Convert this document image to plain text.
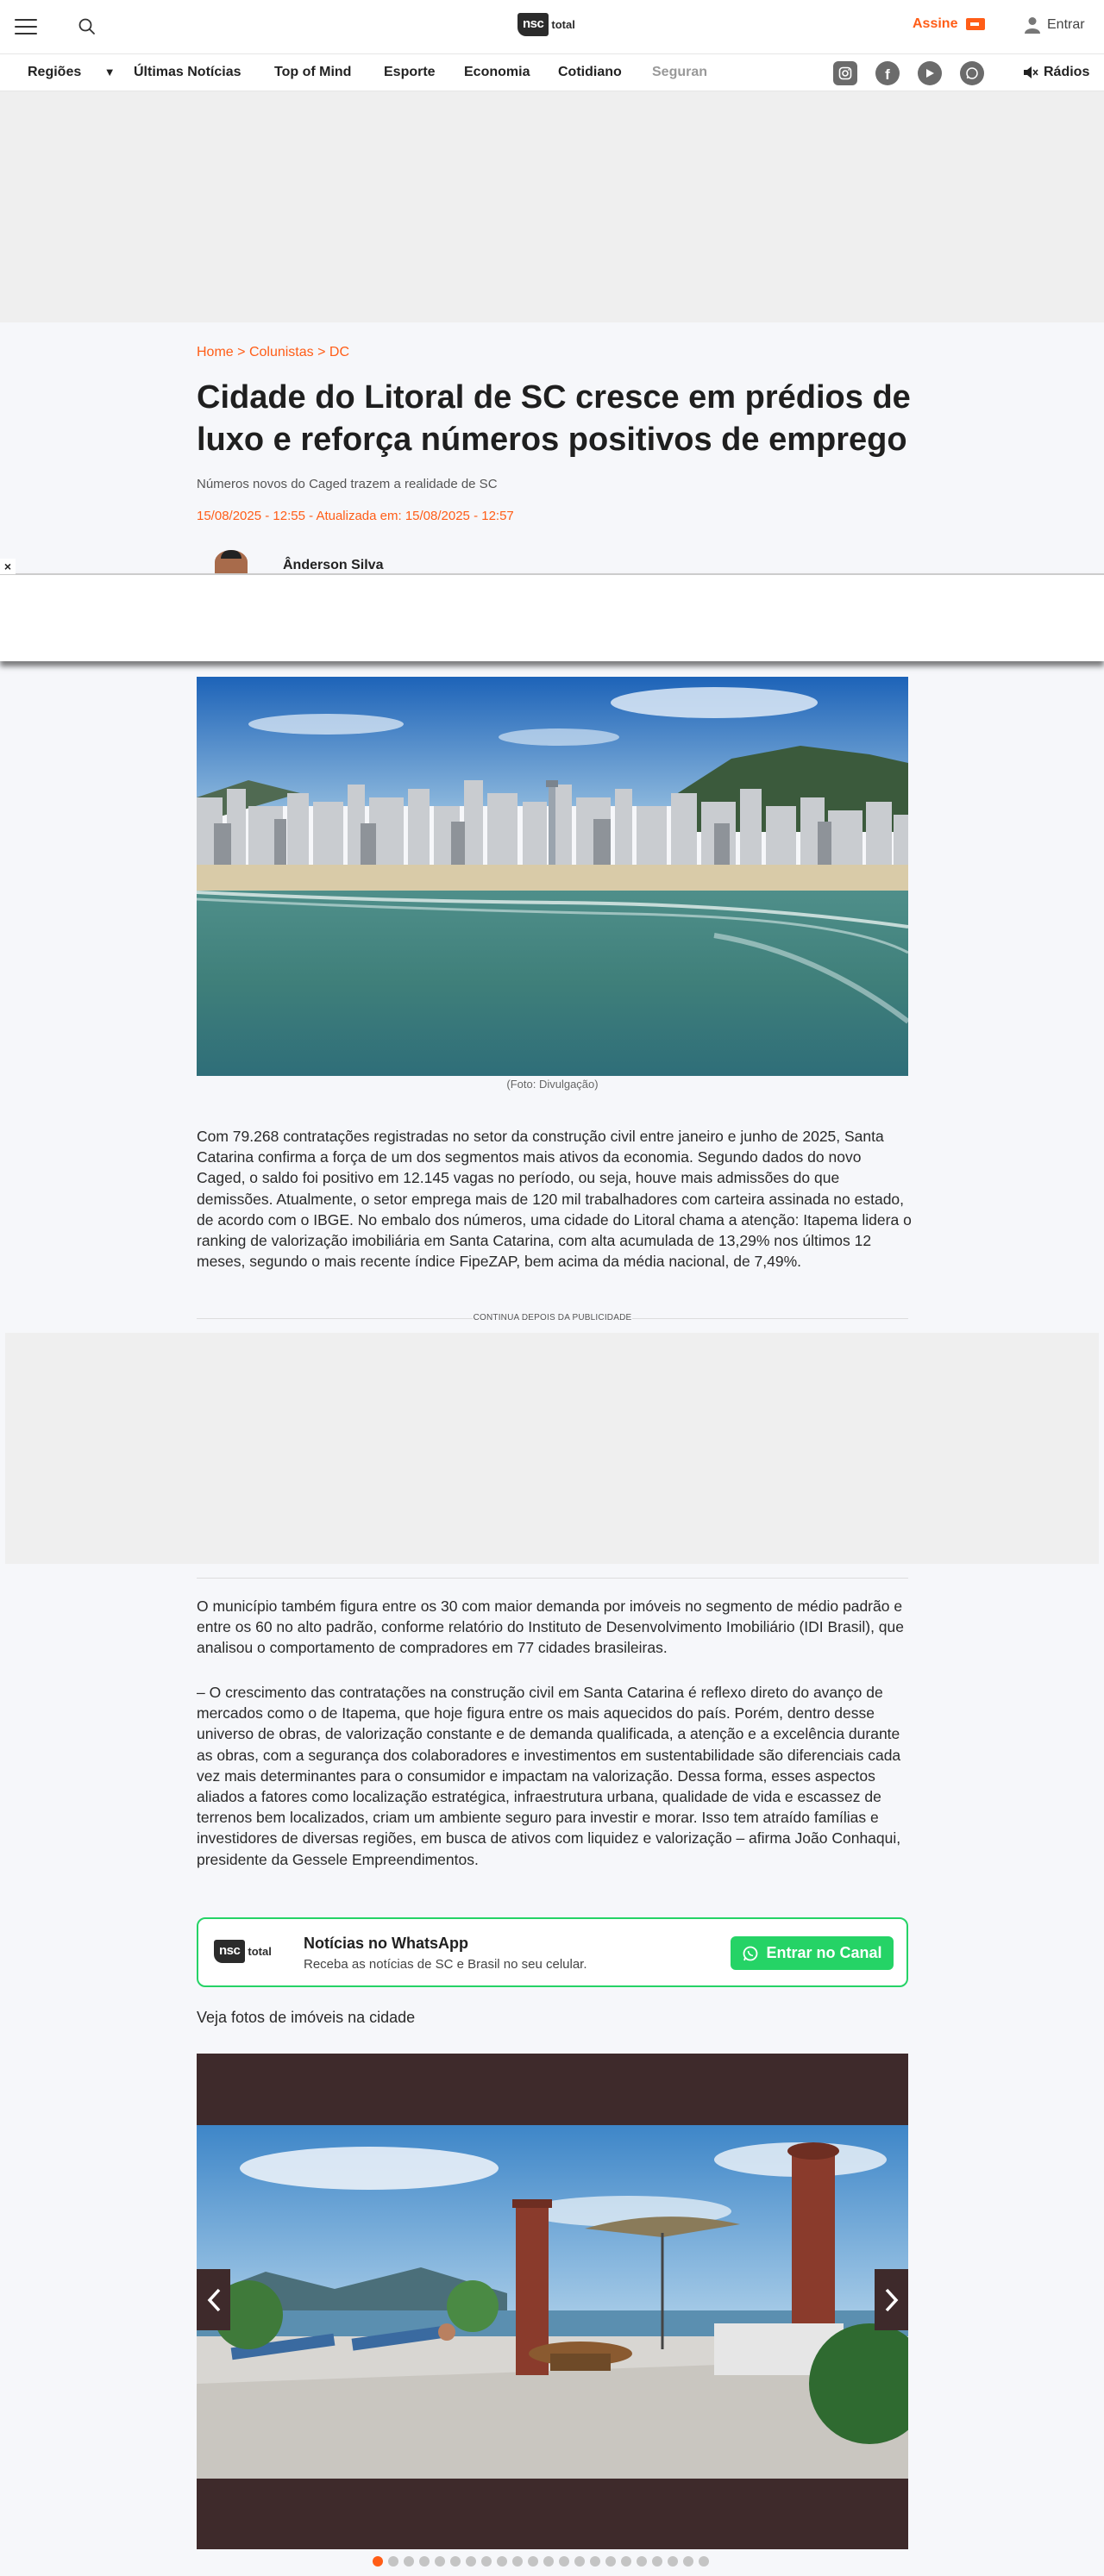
nsc total	Assine	Entrar
Regiões ▼ Últimas Notícias Top of Mind Esporte Economia Cotidiano Seguran	f	Rádios
Home > Colunistas > DC
Cidade do Litoral de SC cresce em prédios de luxo e reforça números positivos de emprego
Números novos do Caged trazem a realidade de SC
15/08/2025 - 12:55 - Atualizada em: 15/08/2025 - 12:57
Ânderson Silva
×
(Foto: Divulgação)

Com 79.268 contratações registradas no setor da construção civil entre janeiro e junho de 2025, Santa Catarina confirma a força de um dos segmentos mais ativos da economia. Segundo dados do novo Caged, o saldo foi positivo em 12.145 vagas no período, ou seja, houve mais admissões do que demissões. Atualmente, o setor emprega mais de 120 mil trabalhadores com carteira assinada no estado, de acordo com o IBGE. No embalo dos números, uma cidade do Litoral chama a atenção: Itapema lidera o ranking de valorização imobiliária em Santa Catarina, com alta acumulada de 13,29% nos últimos 12 meses, segundo o mais recente índice FipeZAP, bem acima da média nacional, de 7,49%.

CONTINUA DEPOIS DA PUBLICIDADE

O município também figura entre os 30 com maior demanda por imóveis no segmento de médio padrão e entre os 60 no alto padrão, conforme relatório do Instituto de Desenvolvimento Imobiliário (IDI Brasil), que analisou o comportamento de compradores em 77 cidades brasileiras.

– O crescimento das contratações na construção civil em Santa Catarina é reflexo direto do avanço de mercados como o de Itapema, que hoje figura entre os mais aquecidos do país. Porém, dentro desse universo de obras, de valorização constante e de demanda qualificada, a atenção e a excelência durante as obras, com a segurança dos colaboradores e investimentos em sustentabilidade são diferenciais cada vez mais determinantes para o consumidor e impactam na valorização. Dessa forma, esses aspectos aliados a fatores como localização estratégica, infraestrutura urbana, qualidade de vida e escassez de terrenos bem localizados, criam um ambiente seguro para investir e morar. Isso tem atraído famílias e investidores de diversas regiões, em busca de ativos com liquidez e valorização – afirma João Conhaqui, presidente da Gessele Empreendimentos.

nsc total Notícias no WhatsApp
Receba as notícias de SC e Brasil no seu celular.
Entrar no Canal
Veja fotos de imóveis na cidade
